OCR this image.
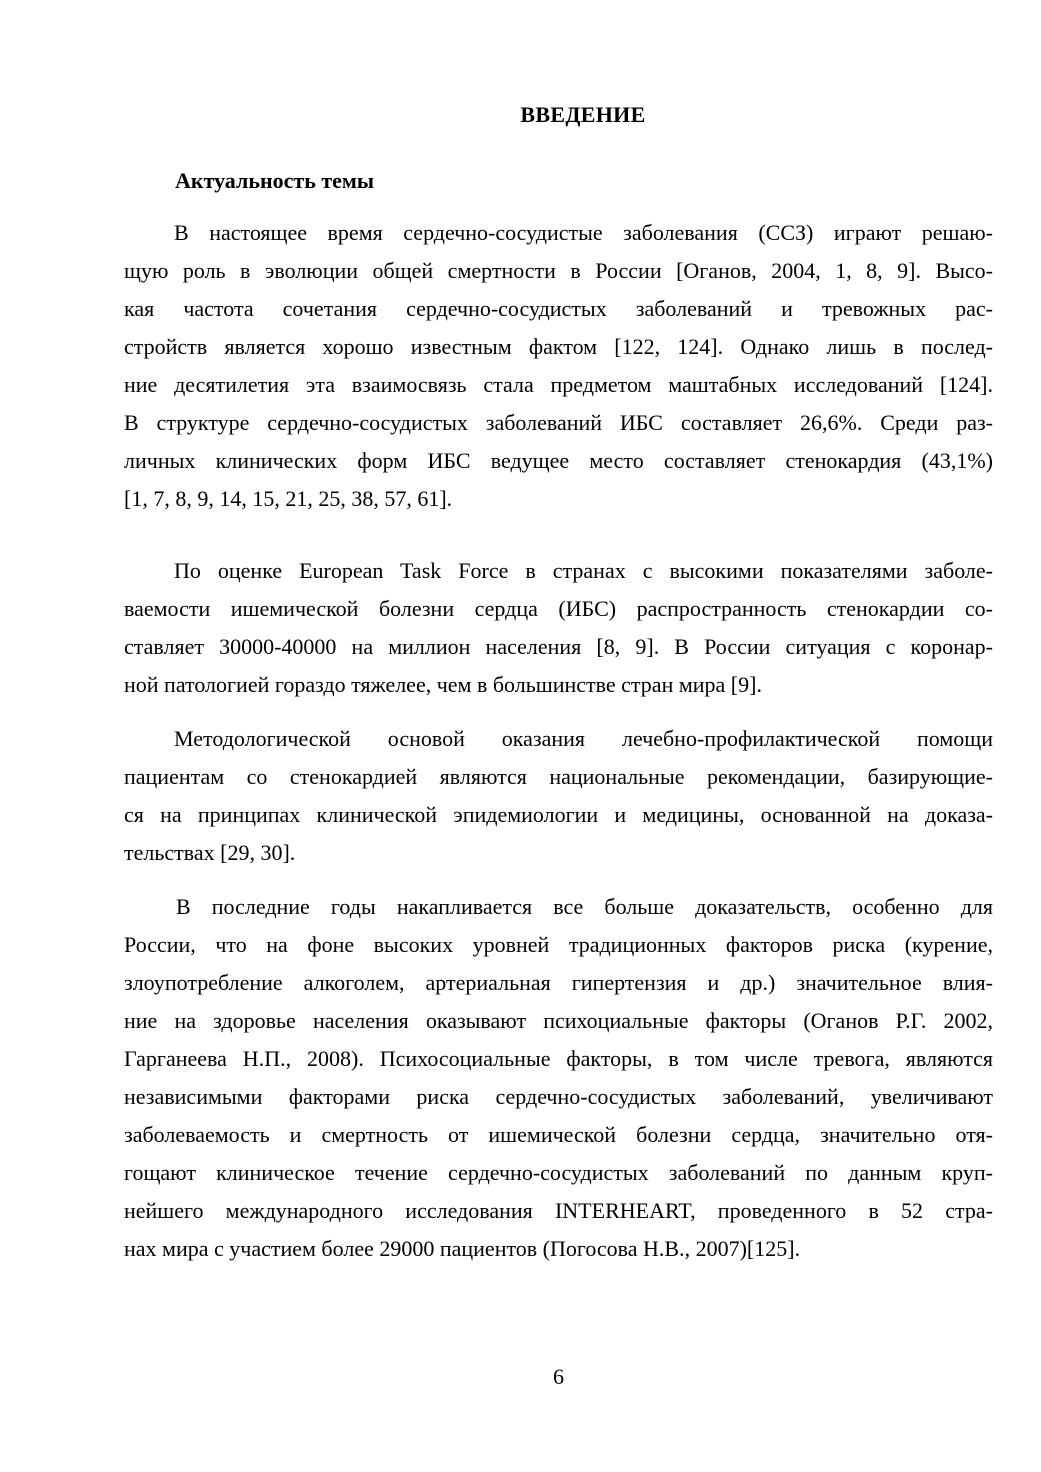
ВВЕДЕНИЕ
Актуальность темы
В настоящее время сердечно-сосудистые заболевания (ССЗ) играют решаю-
щую роль в эволюции общей смертности в России [Оганов, 2004, 1, 8, 9]. Высо-
кая частота сочетания сердечно-сосудистых заболеваний и тревожных рас-
стройств является хорошо известным фактом [122, 124]. Однако лишь в послед-
ние десятилетия эта взаимосвязь стала предметом маштабных исследований [124].
В структуре сердечно-сосудистых заболеваний ИБС составляет 26,6%. Среди раз-
личных клинических форм ИБС ведущее место составляет стенокардия (43,1%)
[1, 7, 8, 9, 14, 15, 21, 25, 38, 57, 61].
По оценке European Task Force в странах с высокими показателями заболе-
ваемости ишемической болезни сердца (ИБС) распространность стенокардии со-
ставляет 30000-40000 на миллион населения [8, 9]. В России ситуация с коронар-
ной патологией гораздо тяжелее, чем в большинстве стран мира [9].
Методологической основой оказания лечебно-профилактической помощи
пациентам со стенокардией являются национальные рекомендации, базирующие-
ся на принципах клинической эпидемиологии и медицины, основанной на доказа-
тельствах [29, 30].
В последние годы накапливается все больше доказательств, особенно для
России, что на фоне высоких уровней традиционных факторов риска (курение,
злоупотребление алкоголем, артериальная гипертензия и др.) значительное влия-
ние на здоровье населения оказывают психоциальные факторы (Оганов Р.Г. 2002,
Гарганеева Н.П., 2008). Психосоциальные факторы, в том числе тревога, являются
независимыми факторами риска сердечно-сосудистых заболеваний, увеличивают
заболеваемость и смертность от ишемической болезни сердца, значительно отя-
гощают клиническое течение сердечно-сосудистых заболеваний по данным круп-
нейшего международного исследования INTERHEART, проведенного в 52 стра-
нах мира с участием более 29000 пациентов (Погосова Н.В., 2007)[125].
6
